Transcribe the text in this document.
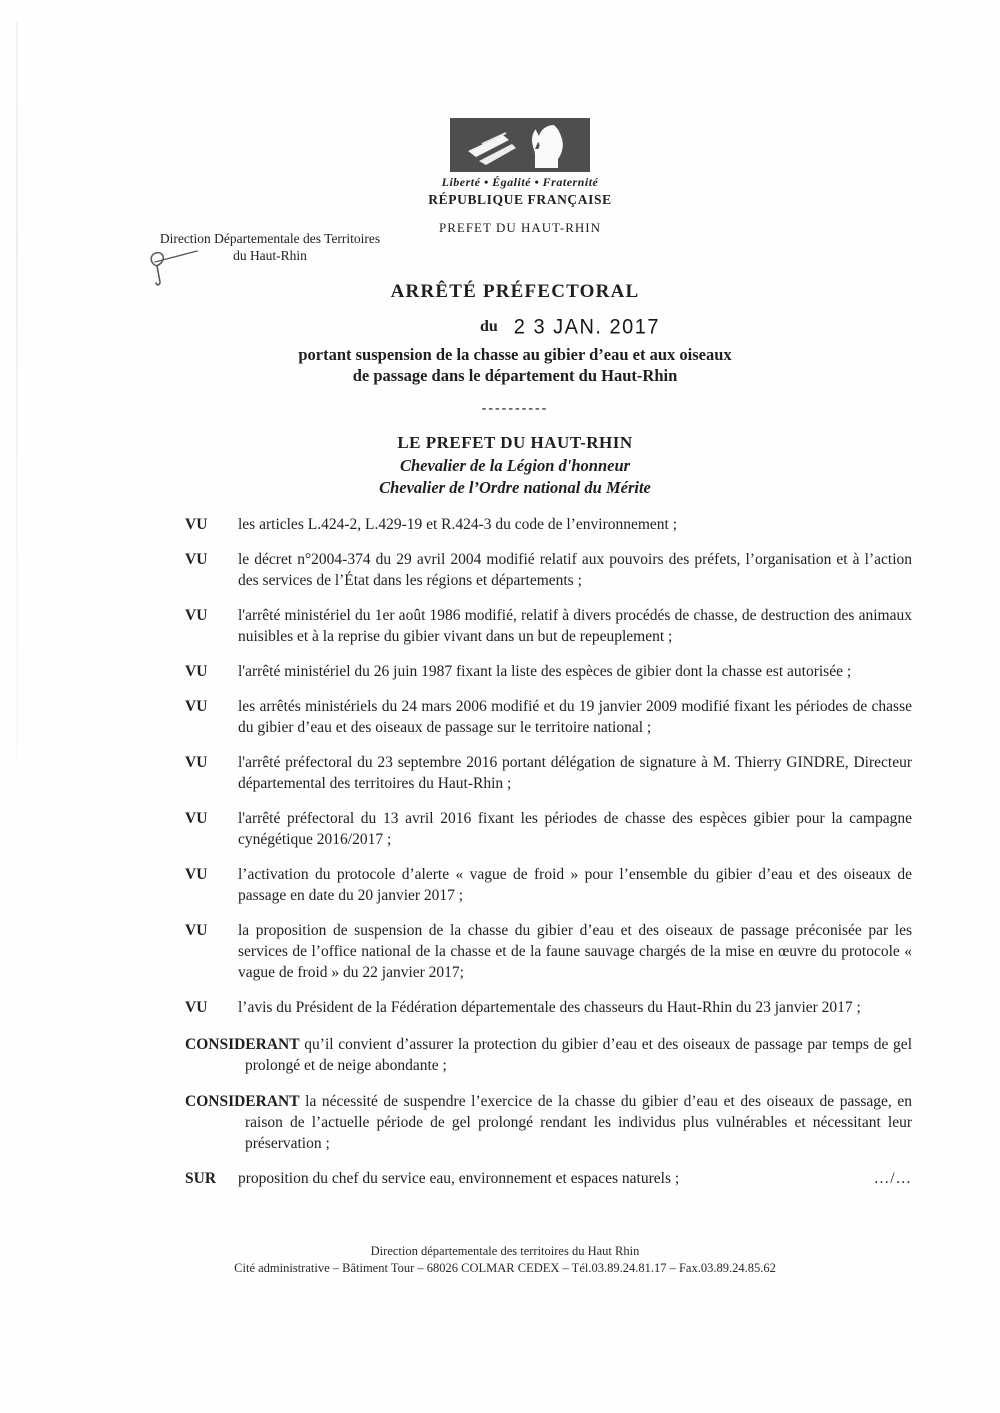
Liberté • Égalité • Fraternité
RÉPUBLIQUE FRANÇAISE
PREFET DU HAUT-RHIN
Direction Départementale des Territoires
du Haut-Rhin
ARRÊTÉ PRÉFECTORAL
du 2 3 JAN. 2017
portant suspension de la chasse au gibier d’eau et aux oiseaux
de passage dans le département du Haut-Rhin
----------
LE PREFET DU HAUT-RHIN
Chevalier de la Légion d'honneur
Chevalier de l’Ordre national du Mérite
VU	les articles L.424-2, L.429-19 et R.424-3 du code de l’environnement ;
VU	le décret n°2004-374 du 29 avril 2004 modifié relatif aux pouvoirs des préfets, l’organisation et à l’action des services de l’État dans les régions et départements ;
VU	l'arrêté ministériel du 1er août 1986 modifié, relatif à divers procédés de chasse, de destruction des animaux nuisibles et à la reprise du gibier vivant dans un but de repeuplement ;
VU	l'arrêté ministériel du 26 juin 1987 fixant la liste des espèces de gibier dont la chasse est autorisée ;
VU	les arrêtés ministériels du 24 mars 2006 modifié et du 19 janvier 2009 modifié fixant les périodes de chasse du gibier d’eau et des oiseaux de passage sur le territoire national ;
VU	l'arrêté préfectoral du 23 septembre 2016 portant délégation de signature à M. Thierry GINDRE, Directeur départemental des territoires du Haut-Rhin ;
VU	l'arrêté préfectoral du 13 avril 2016 fixant les périodes de chasse des espèces gibier pour la campagne cynégétique 2016/2017 ;
VU	l’activation du protocole d’alerte « vague de froid » pour l’ensemble du gibier d’eau et des oiseaux de passage en date du 20 janvier 2017 ;
VU	la proposition de suspension de la chasse du gibier d’eau et des oiseaux de passage préconisée par les services de l’office national de la chasse et de la faune sauvage chargés de la mise en œuvre du protocole « vague de froid » du 22 janvier 2017;
VU	l’avis du Président de la Fédération départementale des chasseurs du Haut-Rhin du 23 janvier 2017 ;

CONSIDERANT qu’il convient d’assurer la protection du gibier d’eau et des oiseaux de passage par temps de gel prolongé et de neige abondante ;

CONSIDERANT la nécessité de suspendre l’exercice de la chasse du gibier d’eau et des oiseaux de passage, en raison de l’actuelle période de gel prolongé rendant les individus plus vulnérables et nécessitant leur préservation ;

SUR	proposition du chef du service eau, environnement et espaces naturels ;	…/…
Direction départementale des territoires du Haut Rhin
Cité administrative – Bâtiment Tour – 68026 COLMAR CEDEX – Tél.03.89.24.81.17 – Fax.03.89.24.85.62
